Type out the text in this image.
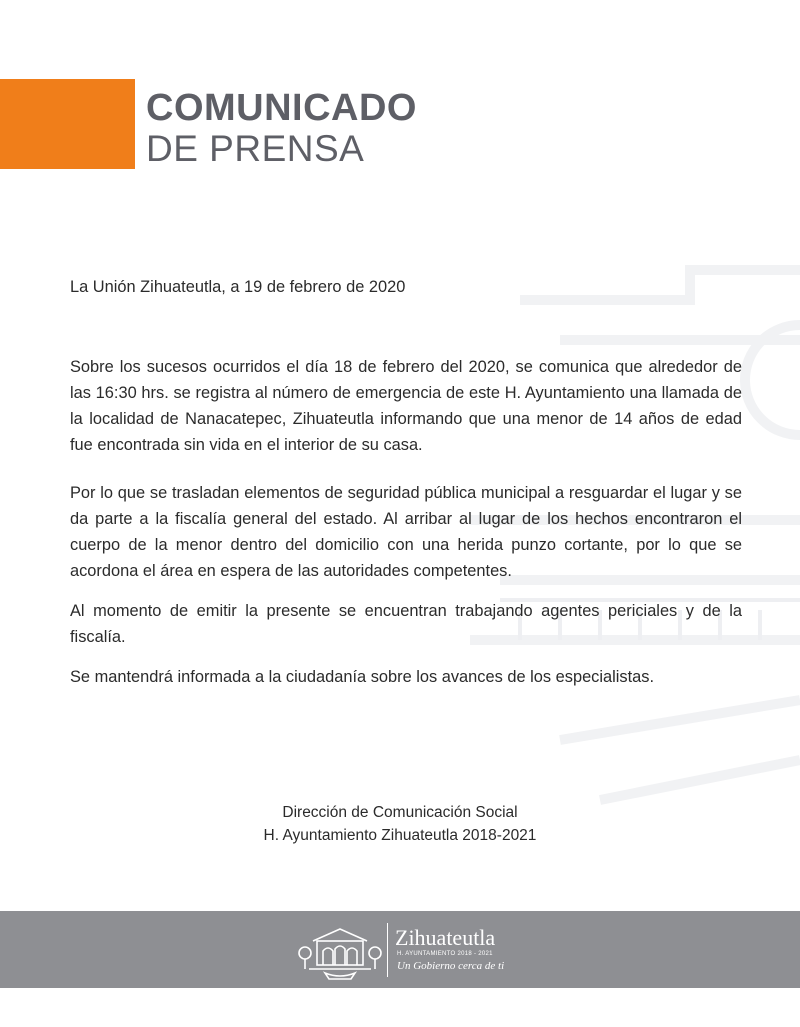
COMUNICADO
DE PRENSA
La Unión Zihuateutla, a 19 de febrero de 2020

Sobre los sucesos ocurridos el día 18 de febrero del 2020, se comunica que alrededor de las 16:30 hrs. se registra al número de emergencia de este H. Ayuntamiento una llamada de la localidad de Nanacatepec, Zihuateutla informando que una menor de 14 años de edad fue encontrada sin vida en el interior de su casa.

Por lo que se trasladan elementos de seguridad pública municipal a resguardar el lugar y se da parte a la fiscalía general del estado. Al arribar al lugar de los hechos encontraron el cuerpo de la menor dentro del domicilio con una herida punzo cortante, por lo que se acordona el área en espera de las autoridades competentes.

Al momento de emitir la presente se encuentran trabajando agentes periciales y de la fiscalía.

Se mantendrá informada a la ciudadanía sobre los avances de los especialistas.

Dirección de Comunicación Social
H. Ayuntamiento Zihuateutla 2018-2021
Zihuateutla
H. AYUNTAMIENTO 2018 - 2021
Un Gobierno cerca de ti
